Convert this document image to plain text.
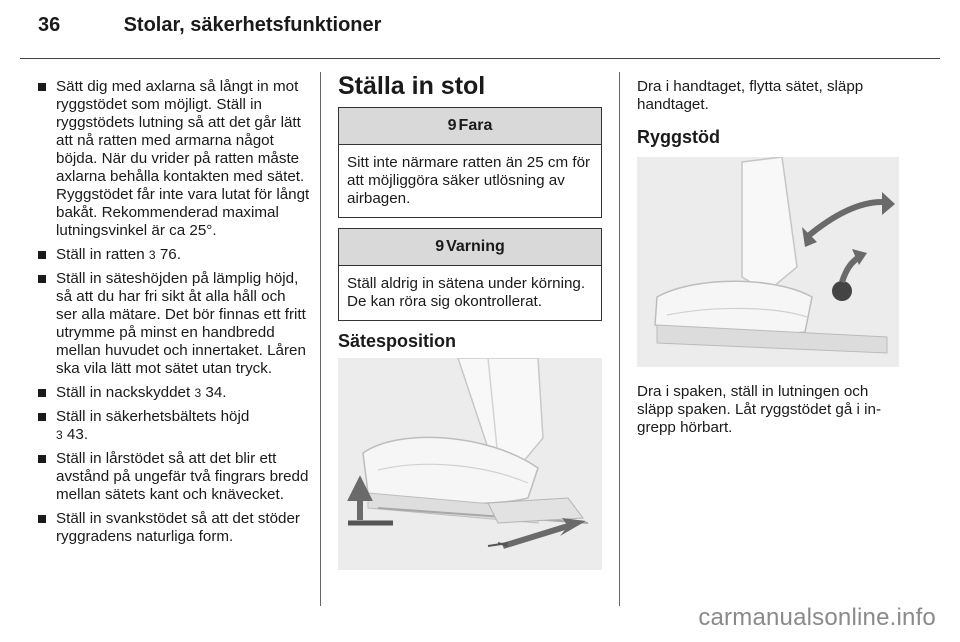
36	Stolar, säkerhetsfunktioner
Sätt dig med axlarna så långt in mot ryggstödet som möjligt. Ställ in ryggstödets lutning så att det går lätt att nå ratten med armarna något böjda. När du vrider på ratten måste axlarna behålla kontakten med sätet. Ryggstödet får inte vara lutat för långt bakåt. Rekommenderad maximal lutningsvinkel är ca 25°.
Ställ in ratten 3 76.
Ställ in säteshöjden på lämplig höjd, så att du har fri sikt åt alla håll och ser alla mätare. Det bör finnas ett fritt utrymme på minst en handbredd mellan huvudet och innertaket. Låren ska vila lätt mot sätet utan tryck.
Ställ in nackskyddet 3 34.
Ställ in säkerhetsbältets höjd
3 43.
Ställ in lårstödet så att det blir ett avstånd på ungefär två fingrars bredd mellan sätets kant och knävecket.
Ställ in svankstödet så att det stöder ryggradens naturliga form.
Ställa in stol
9 Fara
Sitt inte närmare ratten än 25 cm för att möjliggöra säker utlösning av airbagen.
9 Varning
Ställ aldrig in sätena under körning. De kan röra sig okontrollerat.
Sätesposition
Dra i handtaget, flytta sätet, släpp handtaget.
Ryggstöd
Dra i spaken, ställ in lutningen och släpp spaken. Låt ryggstödet gå i ingrepp hörbart.
carmanualsonline.info
